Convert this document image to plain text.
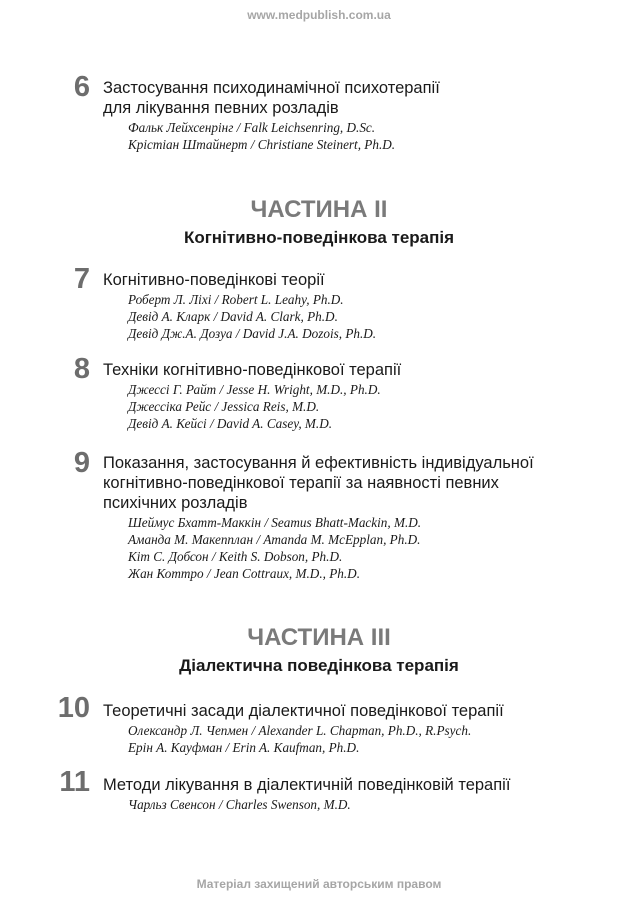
www.medpublish.com.ua
6 Застосування психодинамічної психотерапії
для лікування певних розладів
Фальк Лейхсенрінг / Falk Leichsenring, D.Sc.
Крістіан Штайнерт / Christiane Steinert, Ph.D.
ЧАСТИНА II
Когнітивно-поведінкова терапія
7 Когнітивно-поведінкові теорії
Роберт Л. Ліхі / Robert L. Leahy, Ph.D.
Девід А. Кларк / David A. Clark, Ph.D.
Девід Дж.А. Дозуа / David J.A. Dozois, Ph.D.
8 Техніки когнітивно-поведінкової терапії
Джессі Г. Райт / Jesse H. Wright, M.D., Ph.D.
Джессіка Рейс / Jessica Reis, M.D.
Девід А. Кейсі / David A. Casey, M.D.
9 Показання, застосування й ефективність індивідуальної
когнітивно-поведінкової терапії за наявності певних
психічних розладів
Шеймус Бхатт-Маккін / Seamus Bhatt-Mackin, M.D.
Аманда М. Макепплан / Amanda M. McEpplan, Ph.D.
Кіт С. Добсон / Keith S. Dobson, Ph.D.
Жан Коттро / Jean Cottraux, M.D., Ph.D.
ЧАСТИНА III
Діалектична поведінкова терапія
10 Теоретичні засади діалектичної поведінкової терапії
Олександр Л. Чепмен / Alexander L. Chapman, Ph.D., R.Psych.
Ерін А. Кауфман / Erin A. Kaufman, Ph.D.
11 Методи лікування в діалектичній поведінковій терапії
Чарльз Свенсон / Charles Swenson, M.D.
Матеріал захищений авторським правом
